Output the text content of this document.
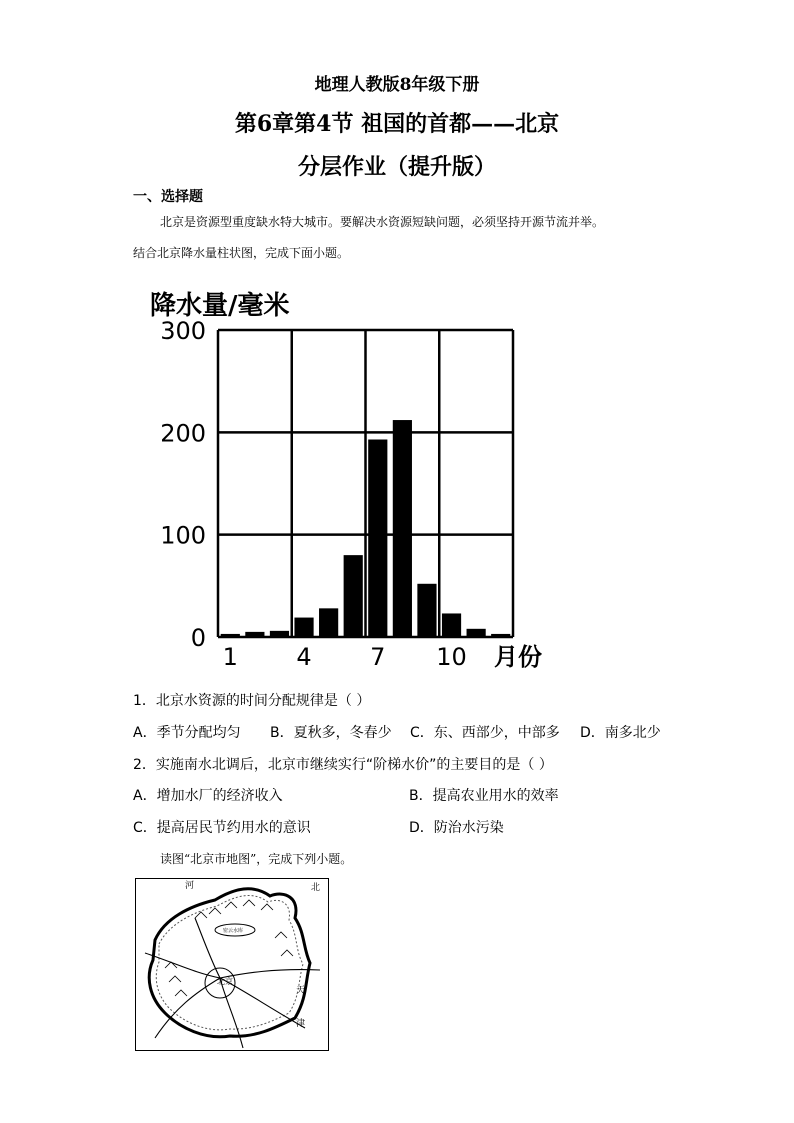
地理人教版8年级下册
第6章第4节 祖国的首都——北京
分层作业（提升版）
一、选择题
北京是资源型重度缺水特大城市。要解决水资源短缺问题，必须坚持开源节流并举。
结合北京降水量柱状图，完成下面小题。
降水量/毫米
0
100
200
300
1 4 7 10 月份
1．北京水资源的时间分配规律是（ ）
A．季节分配均匀 B．夏秋多，冬春少 C．东、西部少，中部多 D．南多北少
2．实施南水北调后，北京市继续实行“阶梯水价”的主要目的是（ ）
A．增加水厂的经济收入	B．提高农业用水的效率
C．提高居民节约用水的意识	D．防治水污染
读图“北京市地图”，完成下列小题。
河	北
北京
天
津
密云水库
